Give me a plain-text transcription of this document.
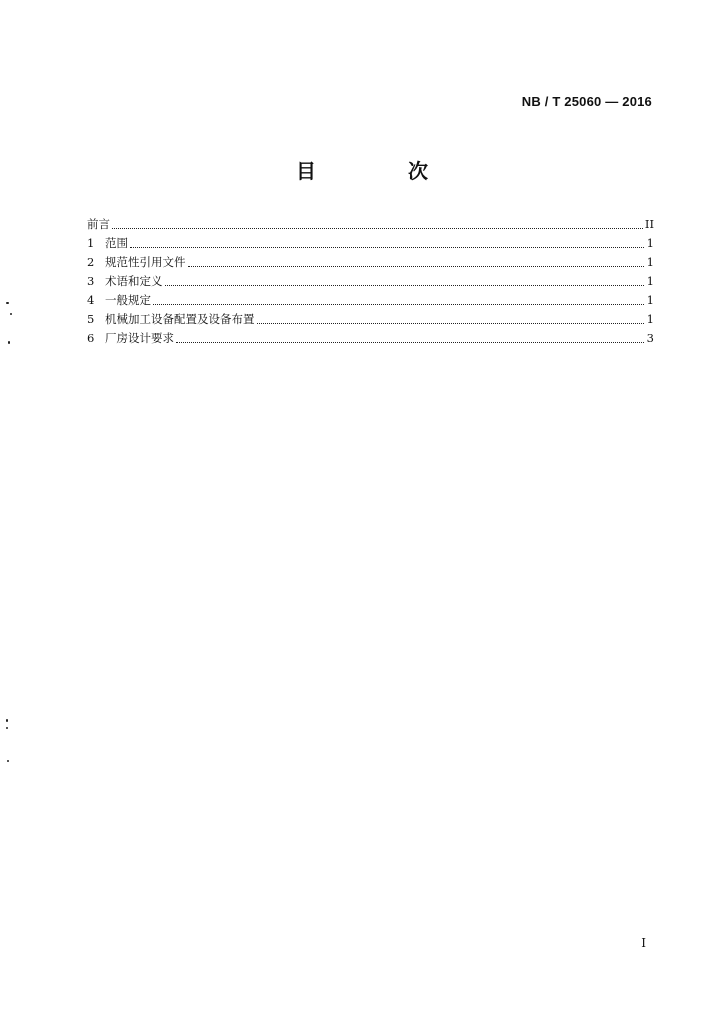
NB / T 25060 — 2016
目　次
前言	II
1 范围	1
2 规范性引用文件	1
3 术语和定义	1
4 一般规定	1
5 机械加工设备配置及设备布置	1
6 厂房设计要求	3
I
